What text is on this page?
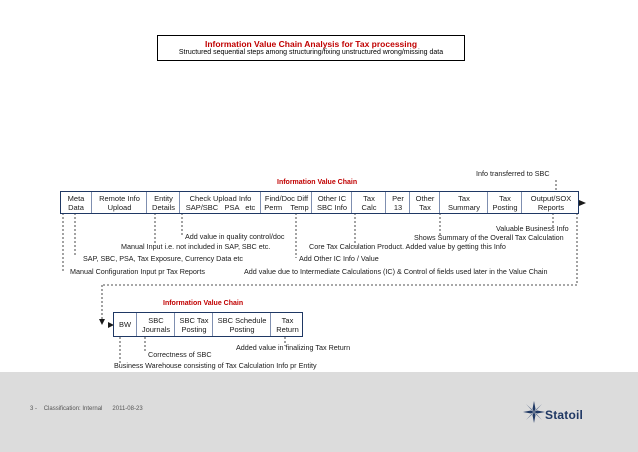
Information Value Chain Analysis for Tax processing
Structured sequential steps among structuring/fixing unstructured wrong/missing data
Information Value Chain
Info transferred to SBC
Meta
Data
Remote Info
Upload
Entity
Details
Check Upload Info
SAP/SBC   PSA   etc
Find/Doc Diff
Perm    Temp
Other IC
SBC Info
Tax
Calc
Per
13
Other
Tax
Tax
Summary
Tax
Posting
Output/SOX
Reports
Valuable Business Info
Shows Summary of the Overall Tax Calculation
Add value in quality control/doc
Core Tax Calculation Product. Added value by getting this Info
Manual Input i.e. not included in SAP, SBC etc.
Add Other IC Info / Value
SAP, SBC, PSA, Tax Exposure, Currency Data etc
Manual Configuration Input pr Tax Reports	Add value due to Intermediate Calculations (IC) & Control of fields used later in the Value Chain
Information Value Chain
BW	SBC
Journals
SBC Tax
Posting
SBC Schedule
Posting
Tax
Return
Added value in finalizing Tax Return
Correctness of SBC
Business Warehouse consisting of Tax Calculation Info pr Entity
3 - Classification: Internal 2011-08-23	Statoil
